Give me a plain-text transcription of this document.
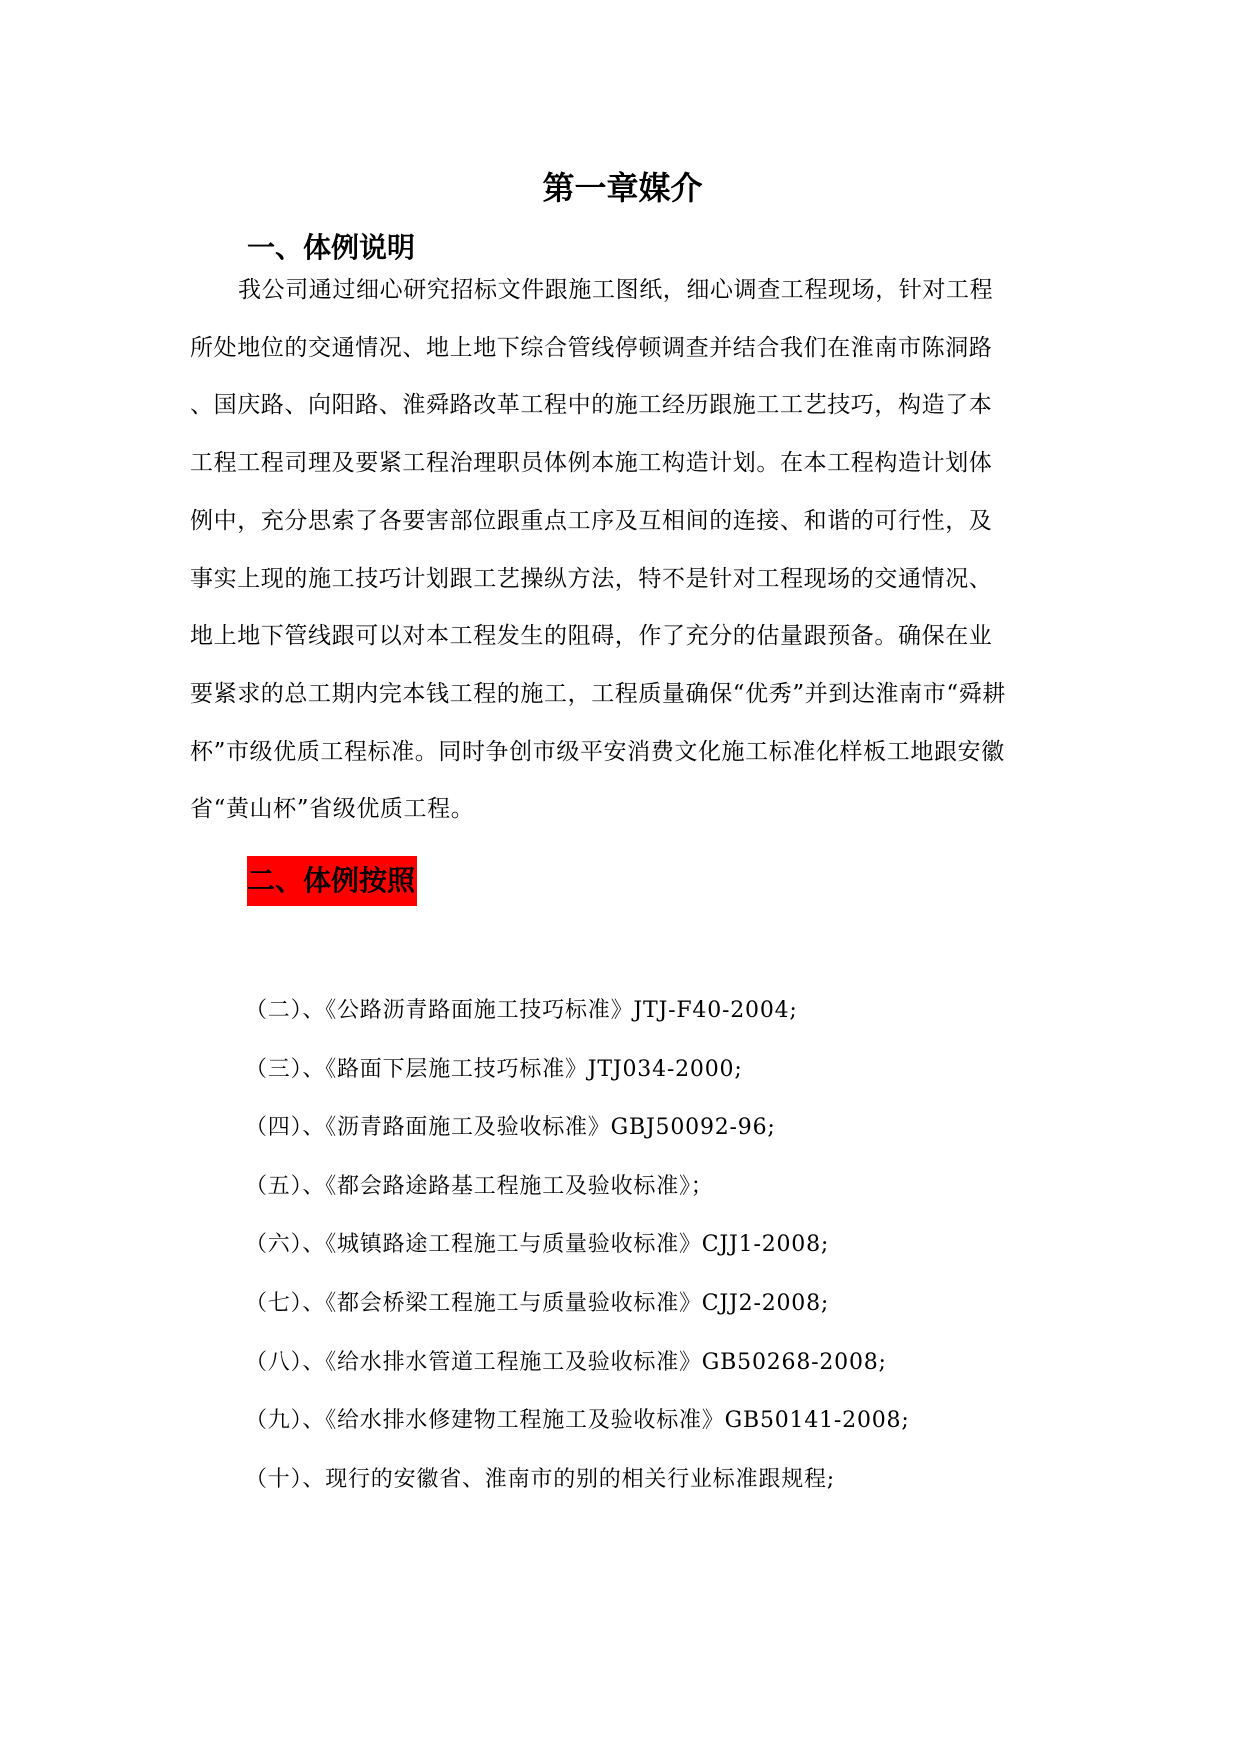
第一章媒介
一、体例说明
我公司通过细心研究招标文件跟施工图纸，细心调查工程现场，针对工程
所处地位的交通情况、地上地下综合管线停顿调查并结合我们在淮南市陈洞路
、国庆路、向阳路、淮舜路改革工程中的施工经历跟施工工艺技巧，构造了本
工程工程司理及要紧工程治理职员体例本施工构造计划。在本工程构造计划体
例中，充分思索了各要害部位跟重点工序及互相间的连接、和谐的可行性，及
事实上现的施工技巧计划跟工艺操纵方法，特不是针对工程现场的交通情况、
地上地下管线跟可以对本工程发生的阻碍，作了充分的估量跟预备。确保在业
要紧求的总工期内完本钱工程的施工，工程质量确保“优秀”并到达淮南市“舜耕
杯”市级优质工程标准。同时争创市级平安消费文化施工标准化样板工地跟安徽
省“黄山杯”省级优质工程。
二、体例按照
（二）、《公路沥青路面施工技巧标准》JTJ-F40-2004;
（三）、《路面下层施工技巧标准》JTJ034-2000;
（四）、《沥青路面施工及验收标准》GBJ50092-96;
（五）、《都会路途路基工程施工及验收标准》；
（六）、《城镇路途工程施工与质量验收标准》CJJ1-2008;
（七）、《都会桥梁工程施工与质量验收标准》CJJ2-2008;
（八）、《给水排水管道工程施工及验收标准》GB50268-2008;
（九）、《给水排水修建物工程施工及验收标准》GB50141-2008;
（十）、现行的安徽省、淮南市的别的相关行业标准跟规程;
